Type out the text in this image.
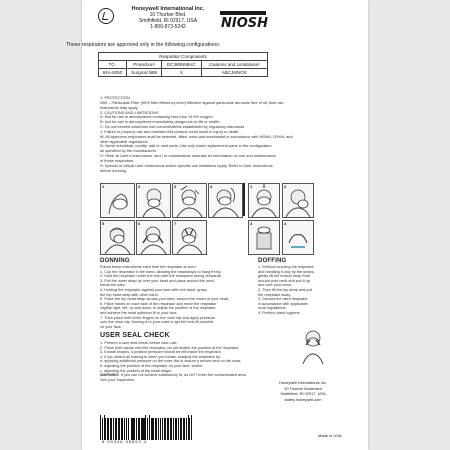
Honeywell International Inc.
10 Thurber Blvd.
Smithfield, RI 02917, USA
1-800-873-5242	NIOSH
These respirators are approved only in the following configurations:
Respirator Components			
TC-	Protection¹	DC365N95HC	Cautions and Limitations²
84A-9250	Surgical N95	X	ABCJMNOS
1. PROTECTION
N95 – Particulate Filter (95% filter efficiency level) effective against particulate aerosols free of oil; time use
restrictions may apply.
2. CAUTIONS AND LIMITATIONS
A: Not for use in atmospheres containing less than 19.5% oxygen.
B: Not for use in atmospheres immediately dangerous to life or health.
C: Do not exceed maximum use concentrations established by regulatory standards.
J: Failure to properly use and maintain this product could result in injury or death.
M: All approved respirators shall be selected, fitted, used and maintained in accordance with MSHA, OSHA, and
other applicable regulations.
N: Never substitute, modify, add or omit parts. Use only exact replacement parts in the configuration
as specified by the manufacturer.
O: Refer to User's Instructions, and / or maintenance manuals for information on use and maintenance
of these respirators.
S: Special or critical User Instructions and/or specific use limitations apply. Refer to User Instructions
before donning.
1	2	3	4
5	6	7
1	2
3	4
DONNING
Follow these instructions each time the respirator is worn.
1. Cup the respirator in the hand, allowing the headstraps to hang freely.
2. Hold the respirator under the chin with the nosepiece facing outwards.
3. Pull the lower strap up over your head and place around the neck,
below the ears.
4. Holding the respirator against your face with one hand, grasp
the top head strap with other hand.
5. Place the top head strap across your ears, around the crown of your head.
6. Place hands on each side of the respirator and move the respirator
slightly right, left, up and down, to adjust the position of the respirator
and achieve the most optimum fit to your face.
7. Then place both index fingers on the nose clip and apply pressure
onto the nose clip, forming it to your nose to get the best fit possible
on your face.
DOFFING
1. Without touching the respirator
and handling it only by the straps,
gently lift the bottom strap from
around your neck and pull it up
and over your head.
2. Then lift the top strap and pull
the respirator away.
3. Discard the used respirator
in accordance with applicable
local regulations.
4. Perform hand hygiene.
USER SEAL CHECK
1. Perform a user seal check before each use.
2. Place both hands over the respirator–do not disturb the position of the respirator.
3. Exhale sharply. A positive pressure should be felt inside the respirator.
4. If you detect air leaking in when you inhale, readjust the respirator by:
a. applying additional pressure on the nose clip to assure a secure seal on the nose;
b. adjusting the position of the respirator on your face; and/or
c. adjusting the position of the head straps.
WARNING: If you can not achieve satisfactory fit, do NOT enter the contaminated area.
See your Supervisor.
Honeywell International Inc.
10 Thurber Boulevard
Smithfield, RI 02917, USA
safety.honeywell.com
8 09346 35853 4
Made in USA
